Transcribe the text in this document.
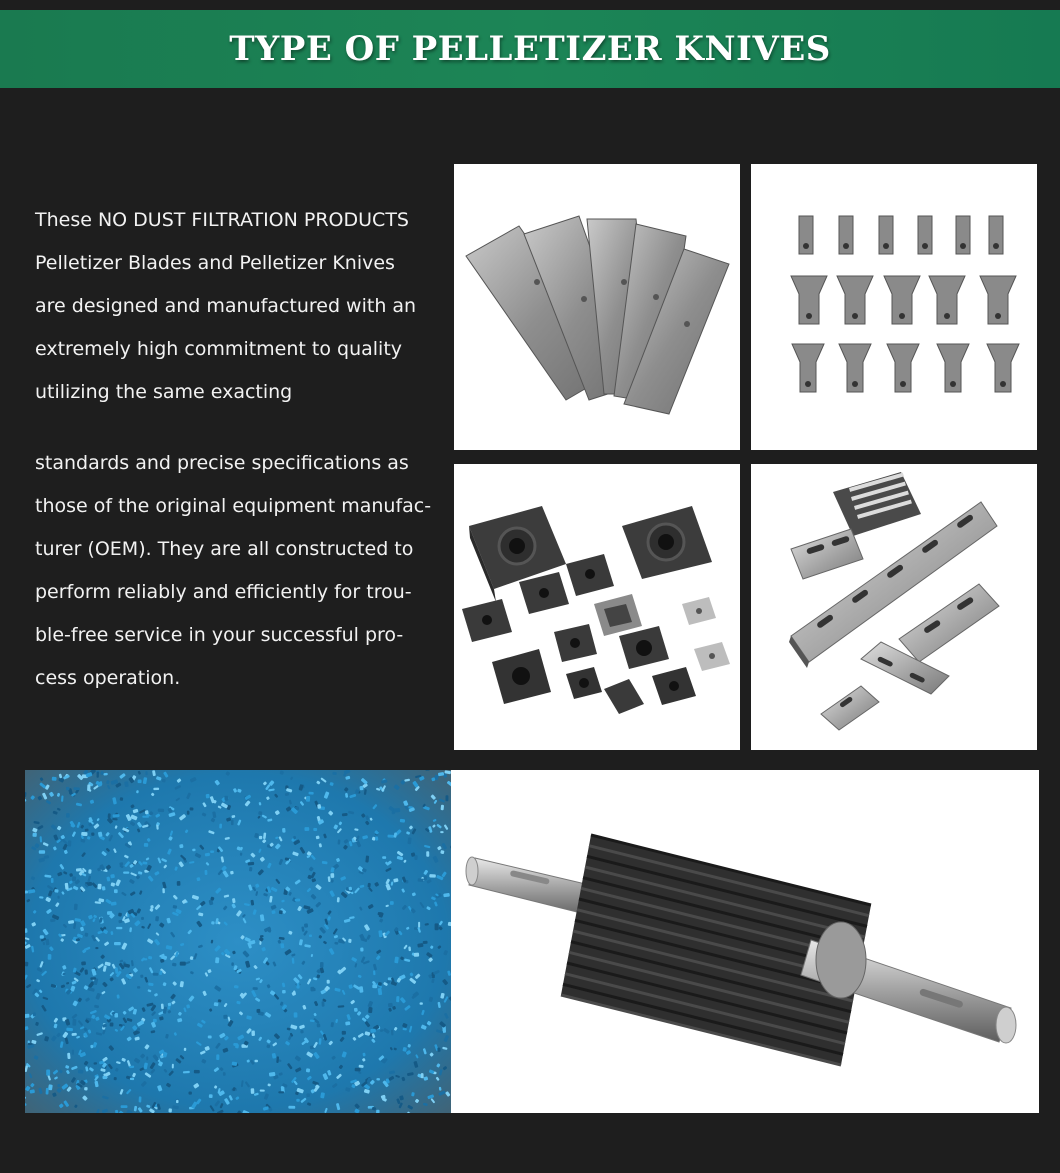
TYPE OF PELLETIZER KNIVES

These NO DUST FILTRATION PRODUCTS

Pelletizer Blades and Pelletizer Knives

are designed and manufactured with an

extremely high commitment to quality

utilizing the same exacting

standards and precise specifications as

those of the original equipment manufac-

turer (OEM). They are all constructed to

perform reliably and efficiently for trou-

ble-free service in your successful pro-

cess operation.
